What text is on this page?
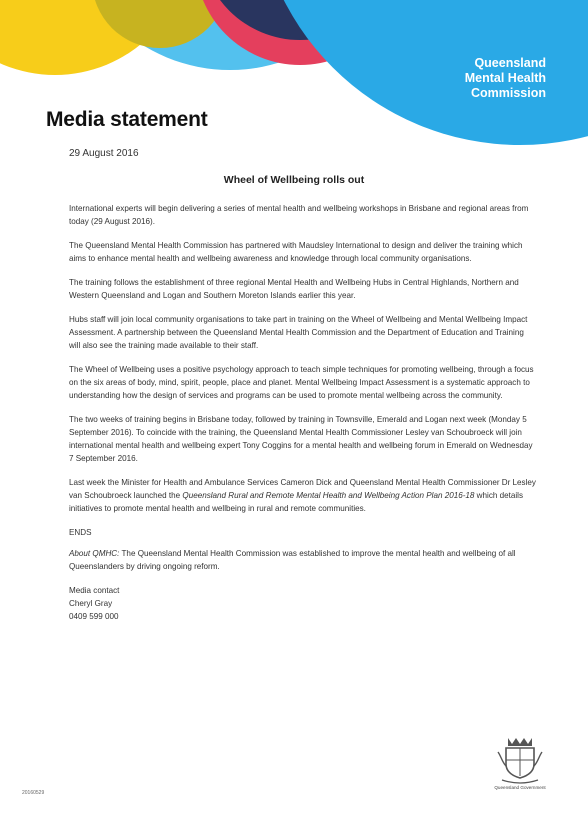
Queensland
Mental Health
Commission
Media statement
29 August 2016
Wheel of Wellbeing rolls out

International experts will begin delivering a series of mental health and wellbeing workshops in Brisbane and regional areas from today (29 August 2016).

The Queensland Mental Health Commission has partnered with Maudsley International to design and deliver the training which aims to enhance mental health and wellbeing awareness and knowledge through local community organisations.

The training follows the establishment of three regional Mental Health and Wellbeing Hubs in Central Highlands, Northern and Western Queensland and Logan and Southern Moreton Islands earlier this year.

Hubs staff will join local community organisations to take part in training on the Wheel of Wellbeing and Mental Wellbeing Impact Assessment. A partnership between the Queensland Mental Health Commission and the Department of Education and Training will also see the training made available to their staff.

The Wheel of Wellbeing uses a positive psychology approach to teach simple techniques for promoting wellbeing, through a focus on the six areas of body, mind, spirit, people, place and planet. Mental Wellbeing Impact Assessment is a systematic approach to understanding how the design of services and programs can be used to promote mental wellbeing across the community.

The two weeks of training begins in Brisbane today, followed by training in Townsville, Emerald and Logan next week (Monday 5 September 2016). To coincide with the training, the Queensland Mental Health Commissioner Lesley van Schoubroeck will join international mental health and wellbeing expert Tony Coggins for a mental health and wellbeing forum in Emerald on Wednesday 7 September 2016.

Last week the Minister for Health and Ambulance Services Cameron Dick and Queensland Mental Health Commissioner Dr Lesley van Schoubroeck launched the Queensland Rural and Remote Mental Health and Wellbeing Action Plan 2016-18 which details initiatives to promote mental health and wellbeing in rural and remote communities.

ENDS

About QMHC: The Queensland Mental Health Commission was established to improve the mental health and wellbeing of all Queenslanders by driving ongoing reform.

Media contact
Cheryl Gray
0409 599 000
Queensland Government
20160529
